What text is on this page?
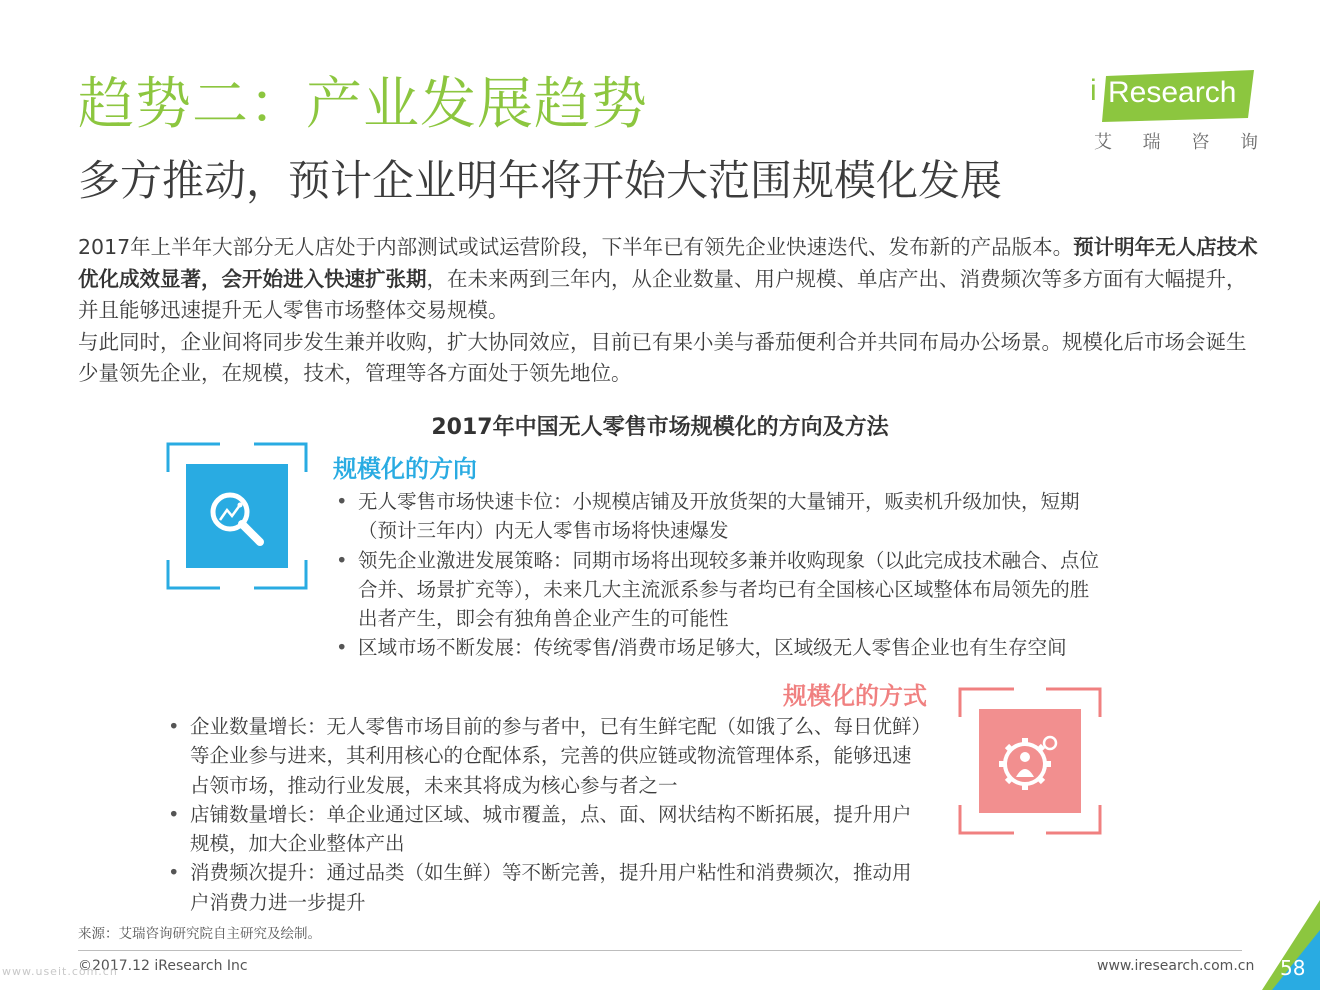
趋势二：产业发展趋势
多方推动，预计企业明年将开始大范围规模化发展
i Research
艾 瑞 咨 询

2017年上半年大部分无人店处于内部测试或试运营阶段，下半年已有领先企业快速迭代、发布新的产品版本。预计明年无人店技术优化成效显著，会开始进入快速扩张期，在未来两到三年内，从企业数量、用户规模、单店产出、消费频次等多方面有大幅提升，并且能够迅速提升无人零售市场整体交易规模。

与此同时，企业间将同步发生兼并收购，扩大协同效应，目前已有果小美与番茄便利合并共同布局办公场景。规模化后市场会诞生少量领先企业，在规模，技术，管理等各方面处于领先地位。

2017年中国无人零售市场规模化的方向及方法
规模化的方向
• 无人零售市场快速卡位：小规模店铺及开放货架的大量铺开，贩卖机升级加快，短期（预计三年内）内无人零售市场将快速爆发
• 领先企业激进发展策略：同期市场将出现较多兼并收购现象（以此完成技术融合、点位合并、场景扩充等），未来几大主流派系参与者均已有全国核心区域整体布局领先的胜出者产生，即会有独角兽企业产生的可能性
• 区域市场不断发展：传统零售/消费市场足够大，区域级无人零售企业也有生存空间
规模化的方式
• 企业数量增长：无人零售市场目前的参与者中，已有生鲜宅配（如饿了么、每日优鲜）等企业参与进来，其利用核心的仓配体系，完善的供应链或物流管理体系，能够迅速占领市场，推动行业发展，未来其将成为核心参与者之一
• 店铺数量增长：单企业通过区域、城市覆盖，点、面、网状结构不断拓展，提升用户规模，加大企业整体产出
• 消费频次提升：通过品类（如生鲜）等不断完善，提升用户粘性和消费频次，推动用户消费力进一步提升
来源：艾瑞咨询研究院自主研究及绘制。
©2017.12 iResearch Inc
www.useit.com.cn	www.iresearch.com.cn 58
